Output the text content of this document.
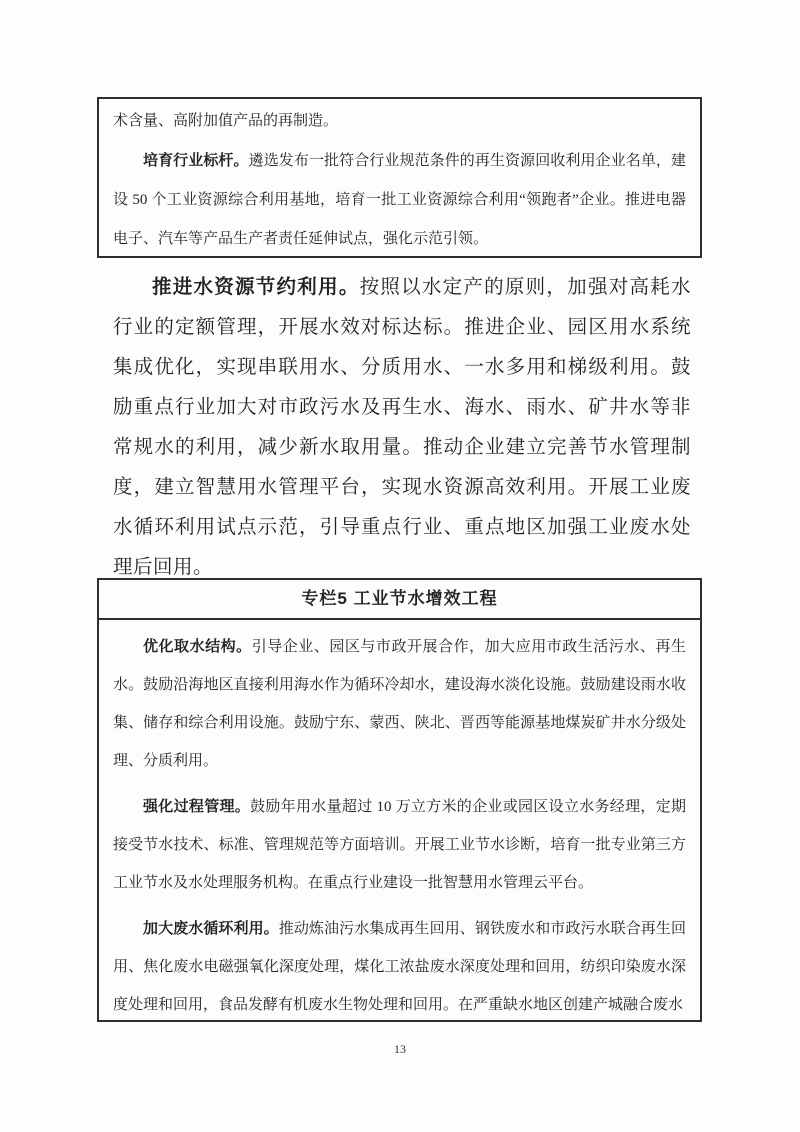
术含量、高附加值产品的再制造。

培育行业标杆。遴选发布一批符合行业规范条件的再生资源回收利用企业名单，建设 50 个工业资源综合利用基地，培育一批工业资源综合利用“领跑者”企业。推进电器电子、汽车等产品生产者责任延伸试点，强化示范引领。

推进水资源节约利用。按照以水定产的原则，加强对高耗水行业的定额管理，开展水效对标达标。推进企业、园区用水系统集成优化，实现串联用水、分质用水、一水多用和梯级利用。鼓励重点行业加大对市政污水及再生水、海水、雨水、矿井水等非常规水的利用，减少新水取用量。推动企业建立完善节水管理制度，建立智慧用水管理平台，实现水资源高效利用。开展工业废水循环利用试点示范，引导重点行业、重点地区加强工业废水处理后回用。

专栏5 工业节水增效工程

优化取水结构。引导企业、园区与市政开展合作，加大应用市政生活污水、再生水。鼓励沿海地区直接利用海水作为循环冷却水，建设海水淡化设施。鼓励建设雨水收集、储存和综合利用设施。鼓励宁东、蒙西、陕北、晋西等能源基地煤炭矿井水分级处理、分质利用。

强化过程管理。鼓励年用水量超过 10 万立方米的企业或园区设立水务经理，定期接受节水技术、标准、管理规范等方面培训。开展工业节水诊断，培育一批专业第三方工业节水及水处理服务机构。在重点行业建设一批智慧用水管理云平台。

加大废水循环利用。推动炼油污水集成再生回用、钢铁废水和市政污水联合再生回用、焦化废水电磁强氧化深度处理，煤化工浓盐废水深度处理和回用，纺织印染废水深度处理和回用，食品发酵有机废水生物处理和回用。在严重缺水地区创建产城融合废水

13
